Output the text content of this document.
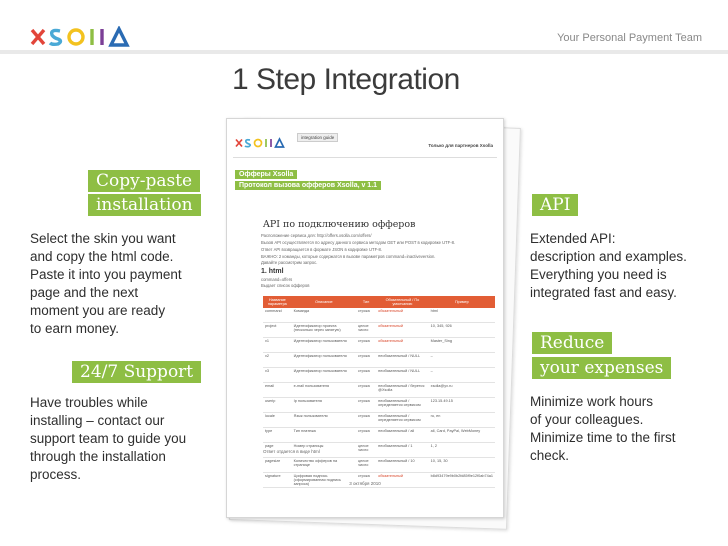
Your Personal Payment Team
1 Step Integration
Copy-paste
installation

Select the skin you want

and copy the html code.

Paste it into you payment

page and the next

moment you are ready

to earn money.

24/7 Support

Have troubles while

installing – contact our

support team to guide you

through the installation

process.

API

Extended API:

description and examples.

Everything you need is

integrated fast and easy.

Reduce
your expenses

Minimize work hours

of your colleagues.

Minimize time to the first

check.

integration guide
Только для партнеров Xsolla
Офферы Xsolla
Протокол вызова офферов Xsolla, v 1.1
API по подключению офферов
Расположение сервиса для: http://offers.xsolla.com/offers/
Вызов API осуществляется по адресу данного сервиса методом GET или POST в кодировке UTF-8.
Ответ API возвращается в формате JSON в кодировке UTF-8.
ВАЖНО: 2 команды, которые содержатся в вызове параметров command=inactiveversion.
Давайте рассмотрим запрос.
1. html
command=offers
Выдает список офферов
Название параметра	Описание	Тип	Обязательный / По умолчанию	Пример
command	Команда	строка	обязательный	html
project	Идентификатор проекта (несколько через запятую)	целое число	обязательный	10, 345, 926
v1	Идентификатор пользователя	строка	обязательный	Master_Sing
v2	Идентификатор пользователя	строка	необязательный / NULL	–
v3	Идентификатор пользователя	строка	необязательный / NULL	–
email	e-mail пользователя	строка	необязательный / берется @Xsolla	xsolla@yx.ru
userip	Ip пользователя	строка	необязательный / определяется сервисом	123.15.49.15
locale	Язык пользователя	строка	необязательный / определяется сервисом	ru, en
type	Тип платежа	строка	необязательный / all	all, Card, PayPal, WebMoney
page	Номер страницы	целое число	необязательный / 1	1, 2
pagesize	Количество офферов на странице	целое число	необязательный / 10	10, 15, 30
signature	Цифровая подпись (сформированная подпись запроса)	строка	обязательный	b8d93479e9b0b2fd85f9e12f0ab74a1
Ответ отдается в виде html
3 октября 2010
